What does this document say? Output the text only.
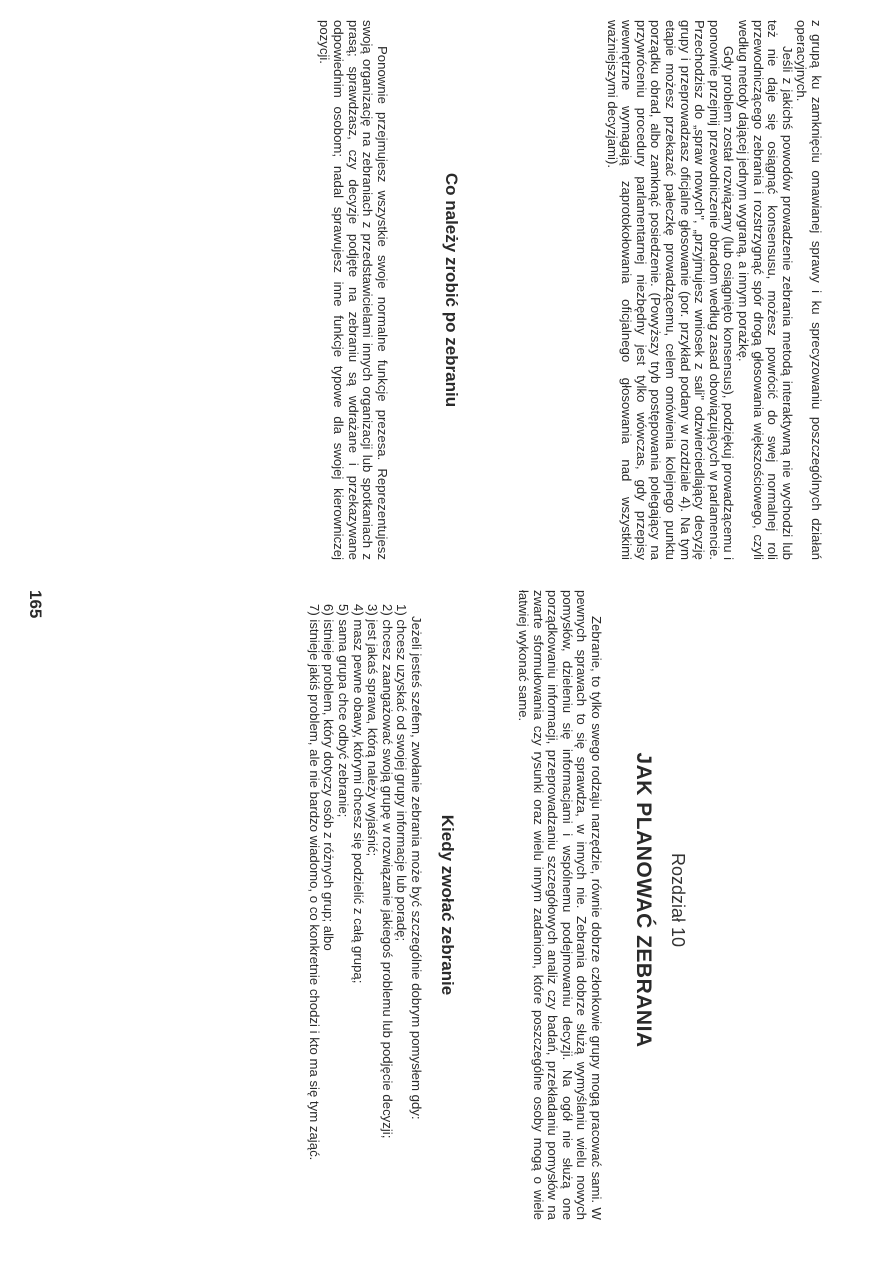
Rozdział 10
JAK PLANOWAĆ ZEBRANIA

Zebranie, to tylko swego rodzaju narzędzie, równie dobrze członkowie grupy mogą pracować sami. W pewnych sprawach to się sprawdza, w innych nie. Zebrania dobrze służą wymyślaniu wielu nowych pomysłów, dzieleniu się informacjami i wspólnemu podejmowaniu decyzji. Na ogół nie służą one porządkowaniu informacji, przeprowadzaniu szczegółowych analiz czy badań, przekładaniu pomysłów na zwarte sformułowania czy rysunki oraz wielu innym zadaniom, które poszczególne osoby mogą o wiele łatwiej wykonać same.

Kiedy zwołać zebranie

Jeżeli jesteś szefem, zwołanie zebrania może być szczególnie dobrym pomysłem gdy:

1) chcesz uzyskać od swojej grupy informacje lub poradę;
2) chcesz zaangażować swoją grupę w rozwiązanie jakiegoś problemu lub podjęcie decyzji;
3) jest jakaś sprawa, którą należy wyjaśnić;
4) masz pewne obawy, którymi chcesz się podzielić z całą grupą;
5) sama grupa chce odbyć zebranie;
6) istnieje problem, który dotyczy osób z różnych grup; albo
7) istnieje jakiś problem, ale nie bardzo wiadomo, o co konkretnie chodzi i kto ma się tym zająć.
165

z grupą ku zamknięciu omawianej sprawy i ku sprecyzowaniu poszczególnych działań operacyjnych.

Jeśli z jakichś powodów prowadzenie zebrania metodą interaktywną nie wychodzi lub też nie daje się osiągnąć konsensusu, możesz powrócić do swej normalnej roli przewodniczącego zebrania i rozstrzygnąć spór drogą głosowania większościowego, czyli według metody dającej jednym wygraną, a innym porażkę.

Gdy problem został rozwiązany (lub osiągnięto konsensus), podziękuj prowadzącemu i ponownie przejmij przewodniczenie obradom według zasad obowiązujących w parlamencie. Przechodzisz do „spraw nowych", „przyjmujesz wniosek z sali" odzwierciedlający decyzję grupy i przeprowadzasz oficjalne głosowanie (por. przykład podany w rozdziale 4). Na tym etapie możesz przekazać pałeczkę prowadzącemu, celem omówienia kolejnego punktu porządku obrad, albo zamknąć posiedzenie. (Powyższy tryb postępowania polegający na przywróceniu procedury parlamentarnej niezbędny jest tylko wówczas, gdy przepisy wewnętrzne wymagają zaprotokołowania oficjalnego głosowania nad wszystkimi ważniejszymi decyzjami).

Co należy zrobić po zebraniu

Ponownie przejmujesz wszystkie swoje normalne funkcje prezesa. Reprezentujesz swoją organizację na zebraniach z przedstawicielami innych organizacji lub spotkaniach z prasą; sprawdzasz, czy decyzje podjęte na zebraniu są wdrażane i przekazywane odpowiednim osobom; nadal sprawujesz inne funkcje typowe dla swojej kierowniczej pozycji.
